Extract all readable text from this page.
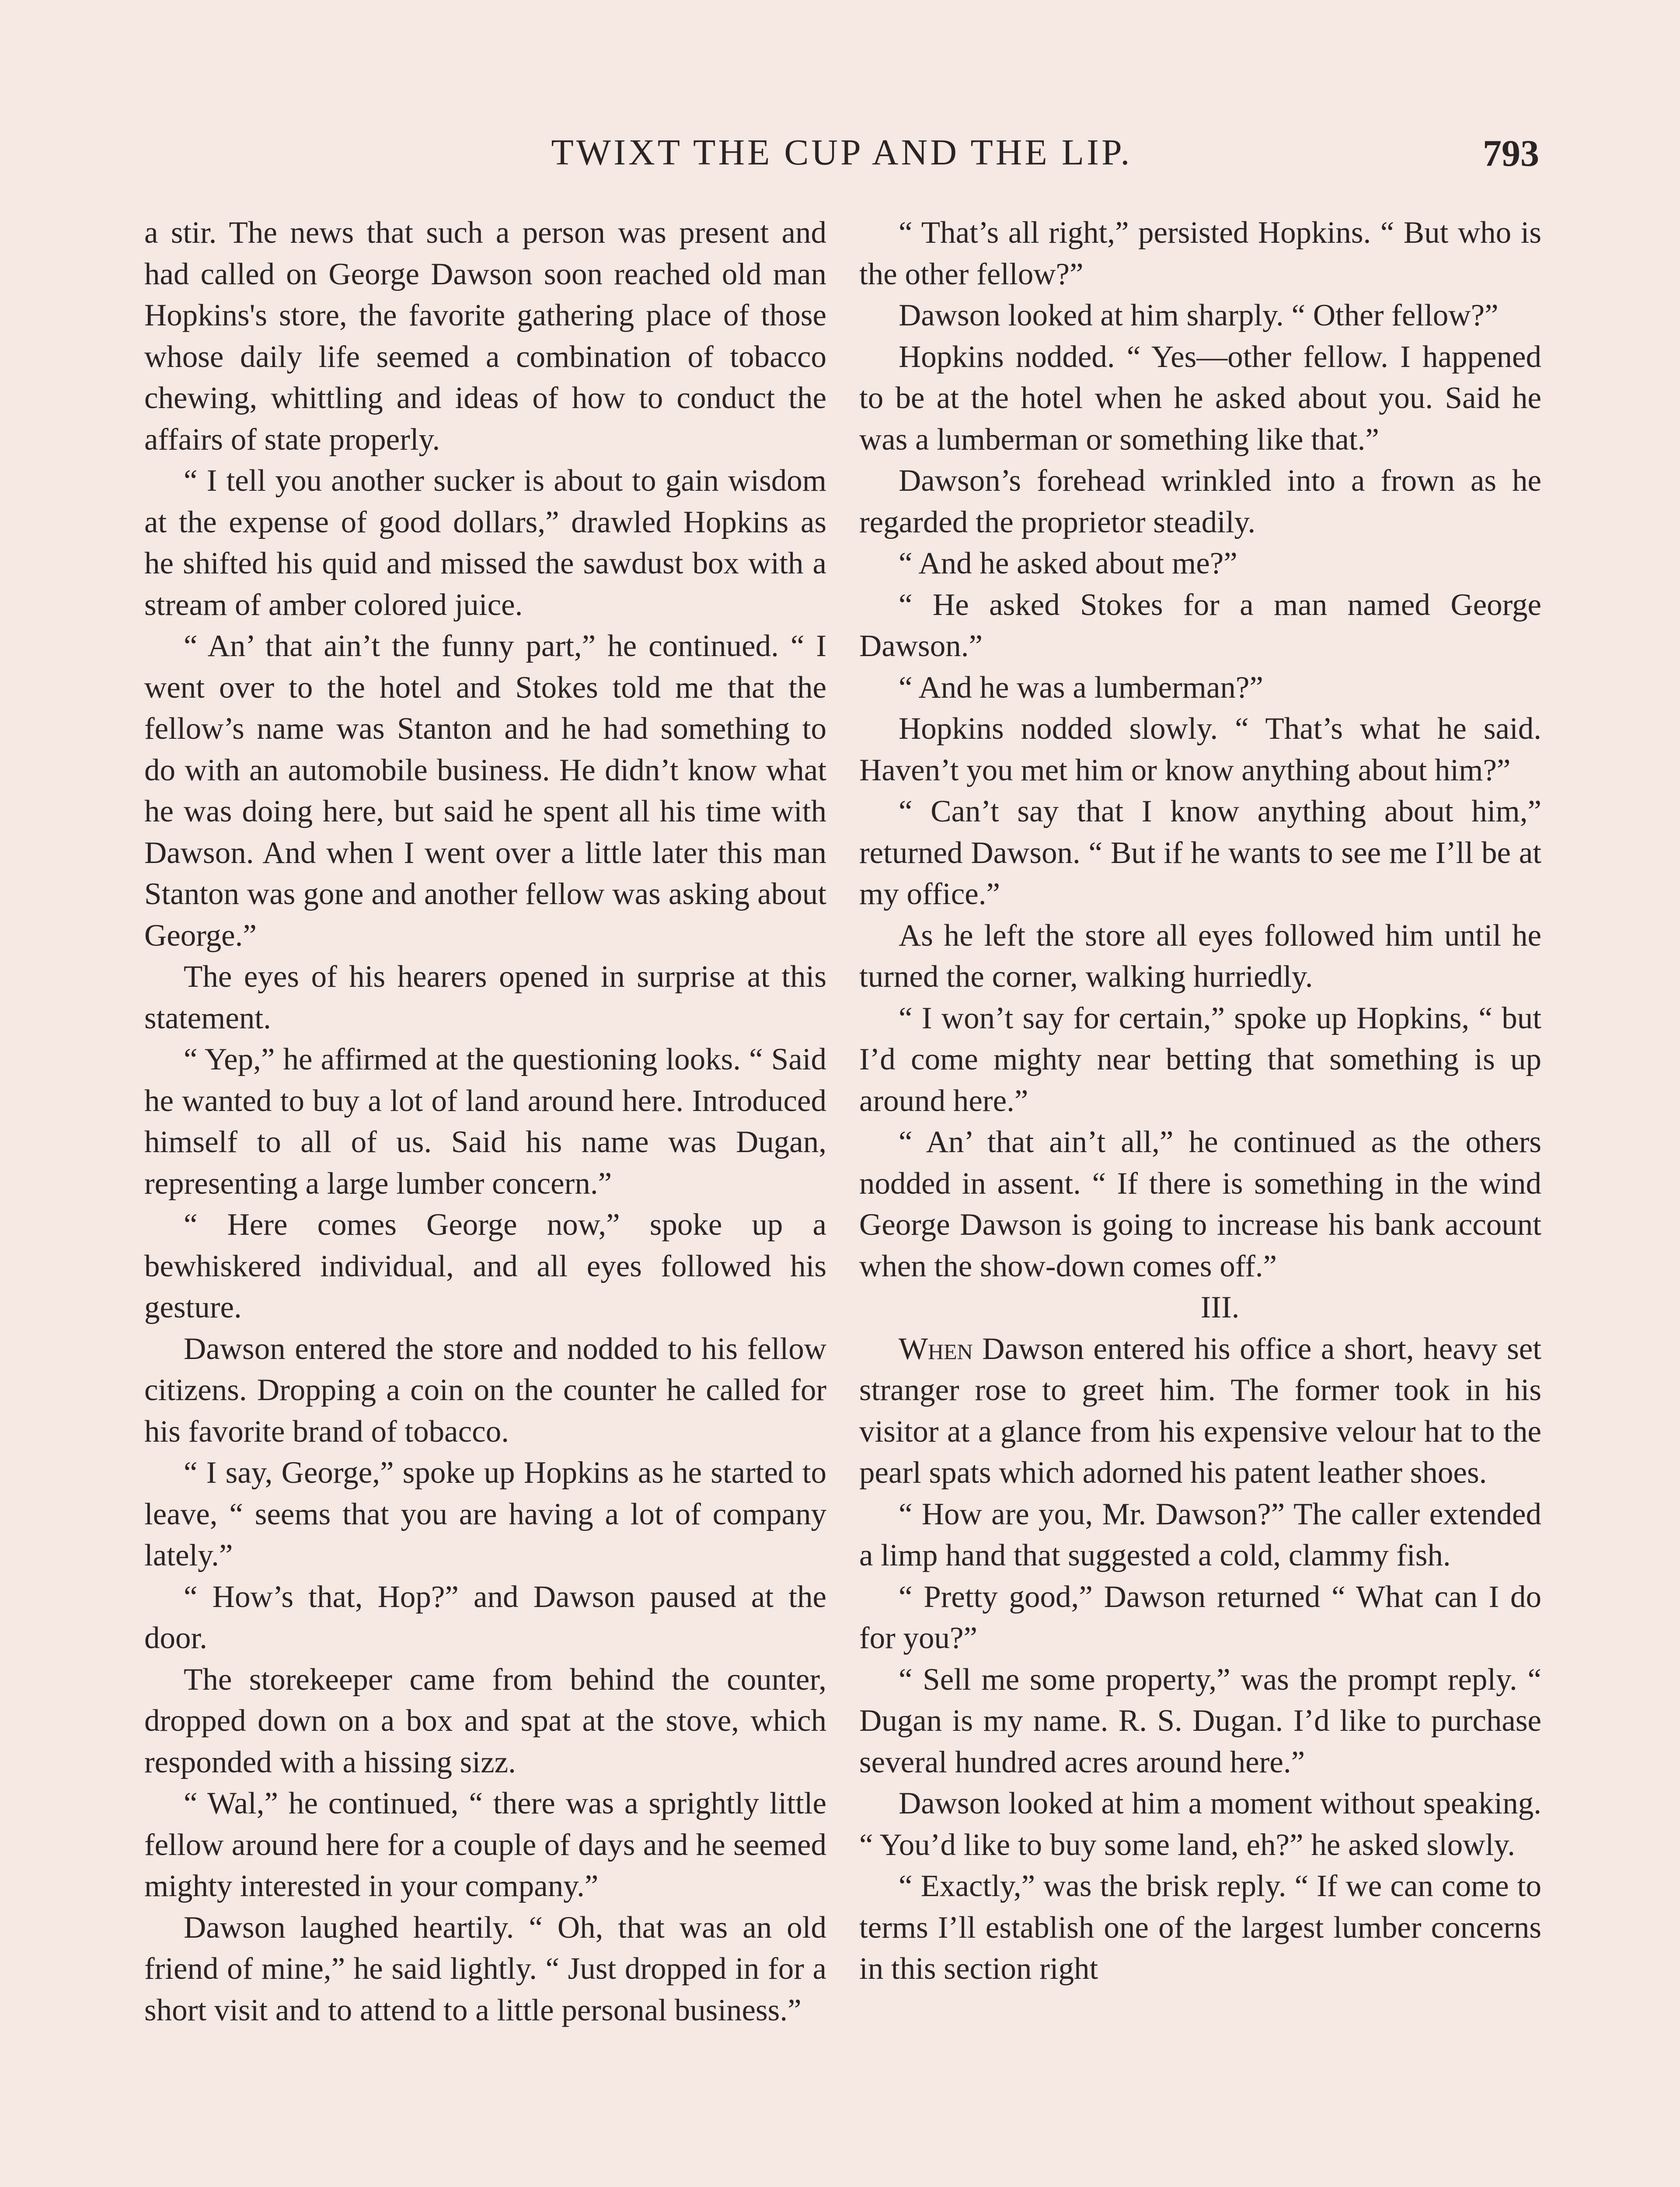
TWIXT THE CUP AND THE LIP.	793

a stir. The news that such a person was present and had called on George Dawson soon reached old man Hopkins's store, the favorite gathering place of those whose daily life seemed a combination of tobacco chewing, whittling and ideas of how to conduct the affairs of state properly.

“ I tell you another sucker is about to gain wisdom at the expense of good dollars,” drawled Hopkins as he shifted his quid and missed the sawdust box with a stream of amber colored juice.

“ An’ that ain’t the funny part,” he continued. “ I went over to the hotel and Stokes told me that the fellow’s name was Stanton and he had something to do with an automobile business. He didn’t know what he was doing here, but said he spent all his time with Dawson. And when I went over a little later this man Stanton was gone and another fellow was asking about George.”

The eyes of his hearers opened in surprise at this statement.

“ Yep,” he affirmed at the questioning looks. “ Said he wanted to buy a lot of land around here. Introduced himself to all of us. Said his name was Dugan, representing a large lumber concern.”

“ Here comes George now,” spoke up a bewhiskered individual, and all eyes followed his gesture.

Dawson entered the store and nodded to his fellow citizens. Dropping a coin on the counter he called for his favorite brand of tobacco.

“ I say, George,” spoke up Hopkins as he started to leave, “ seems that you are having a lot of company lately.”

“ How’s that, Hop?” and Dawson paused at the door.

The storekeeper came from behind the counter, dropped down on a box and spat at the stove, which responded with a hissing sizz.

“ Wal,” he continued, “ there was a sprightly little fellow around here for a couple of days and he seemed mighty interested in your company.”

Dawson laughed heartily. “ Oh, that was an old friend of mine,” he said lightly. “ Just dropped in for a short visit and to attend to a little personal business.”

“ That’s all right,” persisted Hopkins. “ But who is the other fellow?”

Dawson looked at him sharply. “ Other fellow?”

Hopkins nodded. “ Yes—other fellow. I happened to be at the hotel when he asked about you. Said he was a lumberman or something like that.”

Dawson’s forehead wrinkled into a frown as he regarded the proprietor steadily.

“ And he asked about me?”

“ He asked Stokes for a man named George Dawson.”

“ And he was a lumberman?”

Hopkins nodded slowly. “ That’s what he said. Haven’t you met him or know anything about him?”

“ Can’t say that I know anything about him,” returned Dawson. “ But if he wants to see me I’ll be at my office.”

As he left the store all eyes followed him until he turned the corner, walking hurriedly.

“ I won’t say for certain,” spoke up Hopkins, “ but I’d come mighty near betting that something is up around here.”

“ An’ that ain’t all,” he continued as the others nodded in assent. “ If there is something in the wind George Dawson is going to increase his bank account when the show-down comes off.”

III.

When Dawson entered his office a short, heavy set stranger rose to greet him. The former took in his visitor at a glance from his expensive velour hat to the pearl spats which adorned his patent leather shoes.

“ How are you, Mr. Dawson?” The caller extended a limp hand that suggested a cold, clammy fish.

“ Pretty good,” Dawson returned “ What can I do for you?”

“ Sell me some property,” was the prompt reply. “ Dugan is my name. R. S. Dugan. I’d like to purchase several hundred acres around here.”

Dawson looked at him a moment without speaking. “ You’d like to buy some land, eh?” he asked slowly.

“ Exactly,” was the brisk reply. “ If we can come to terms I’ll establish one of the largest lumber concerns in this section right
